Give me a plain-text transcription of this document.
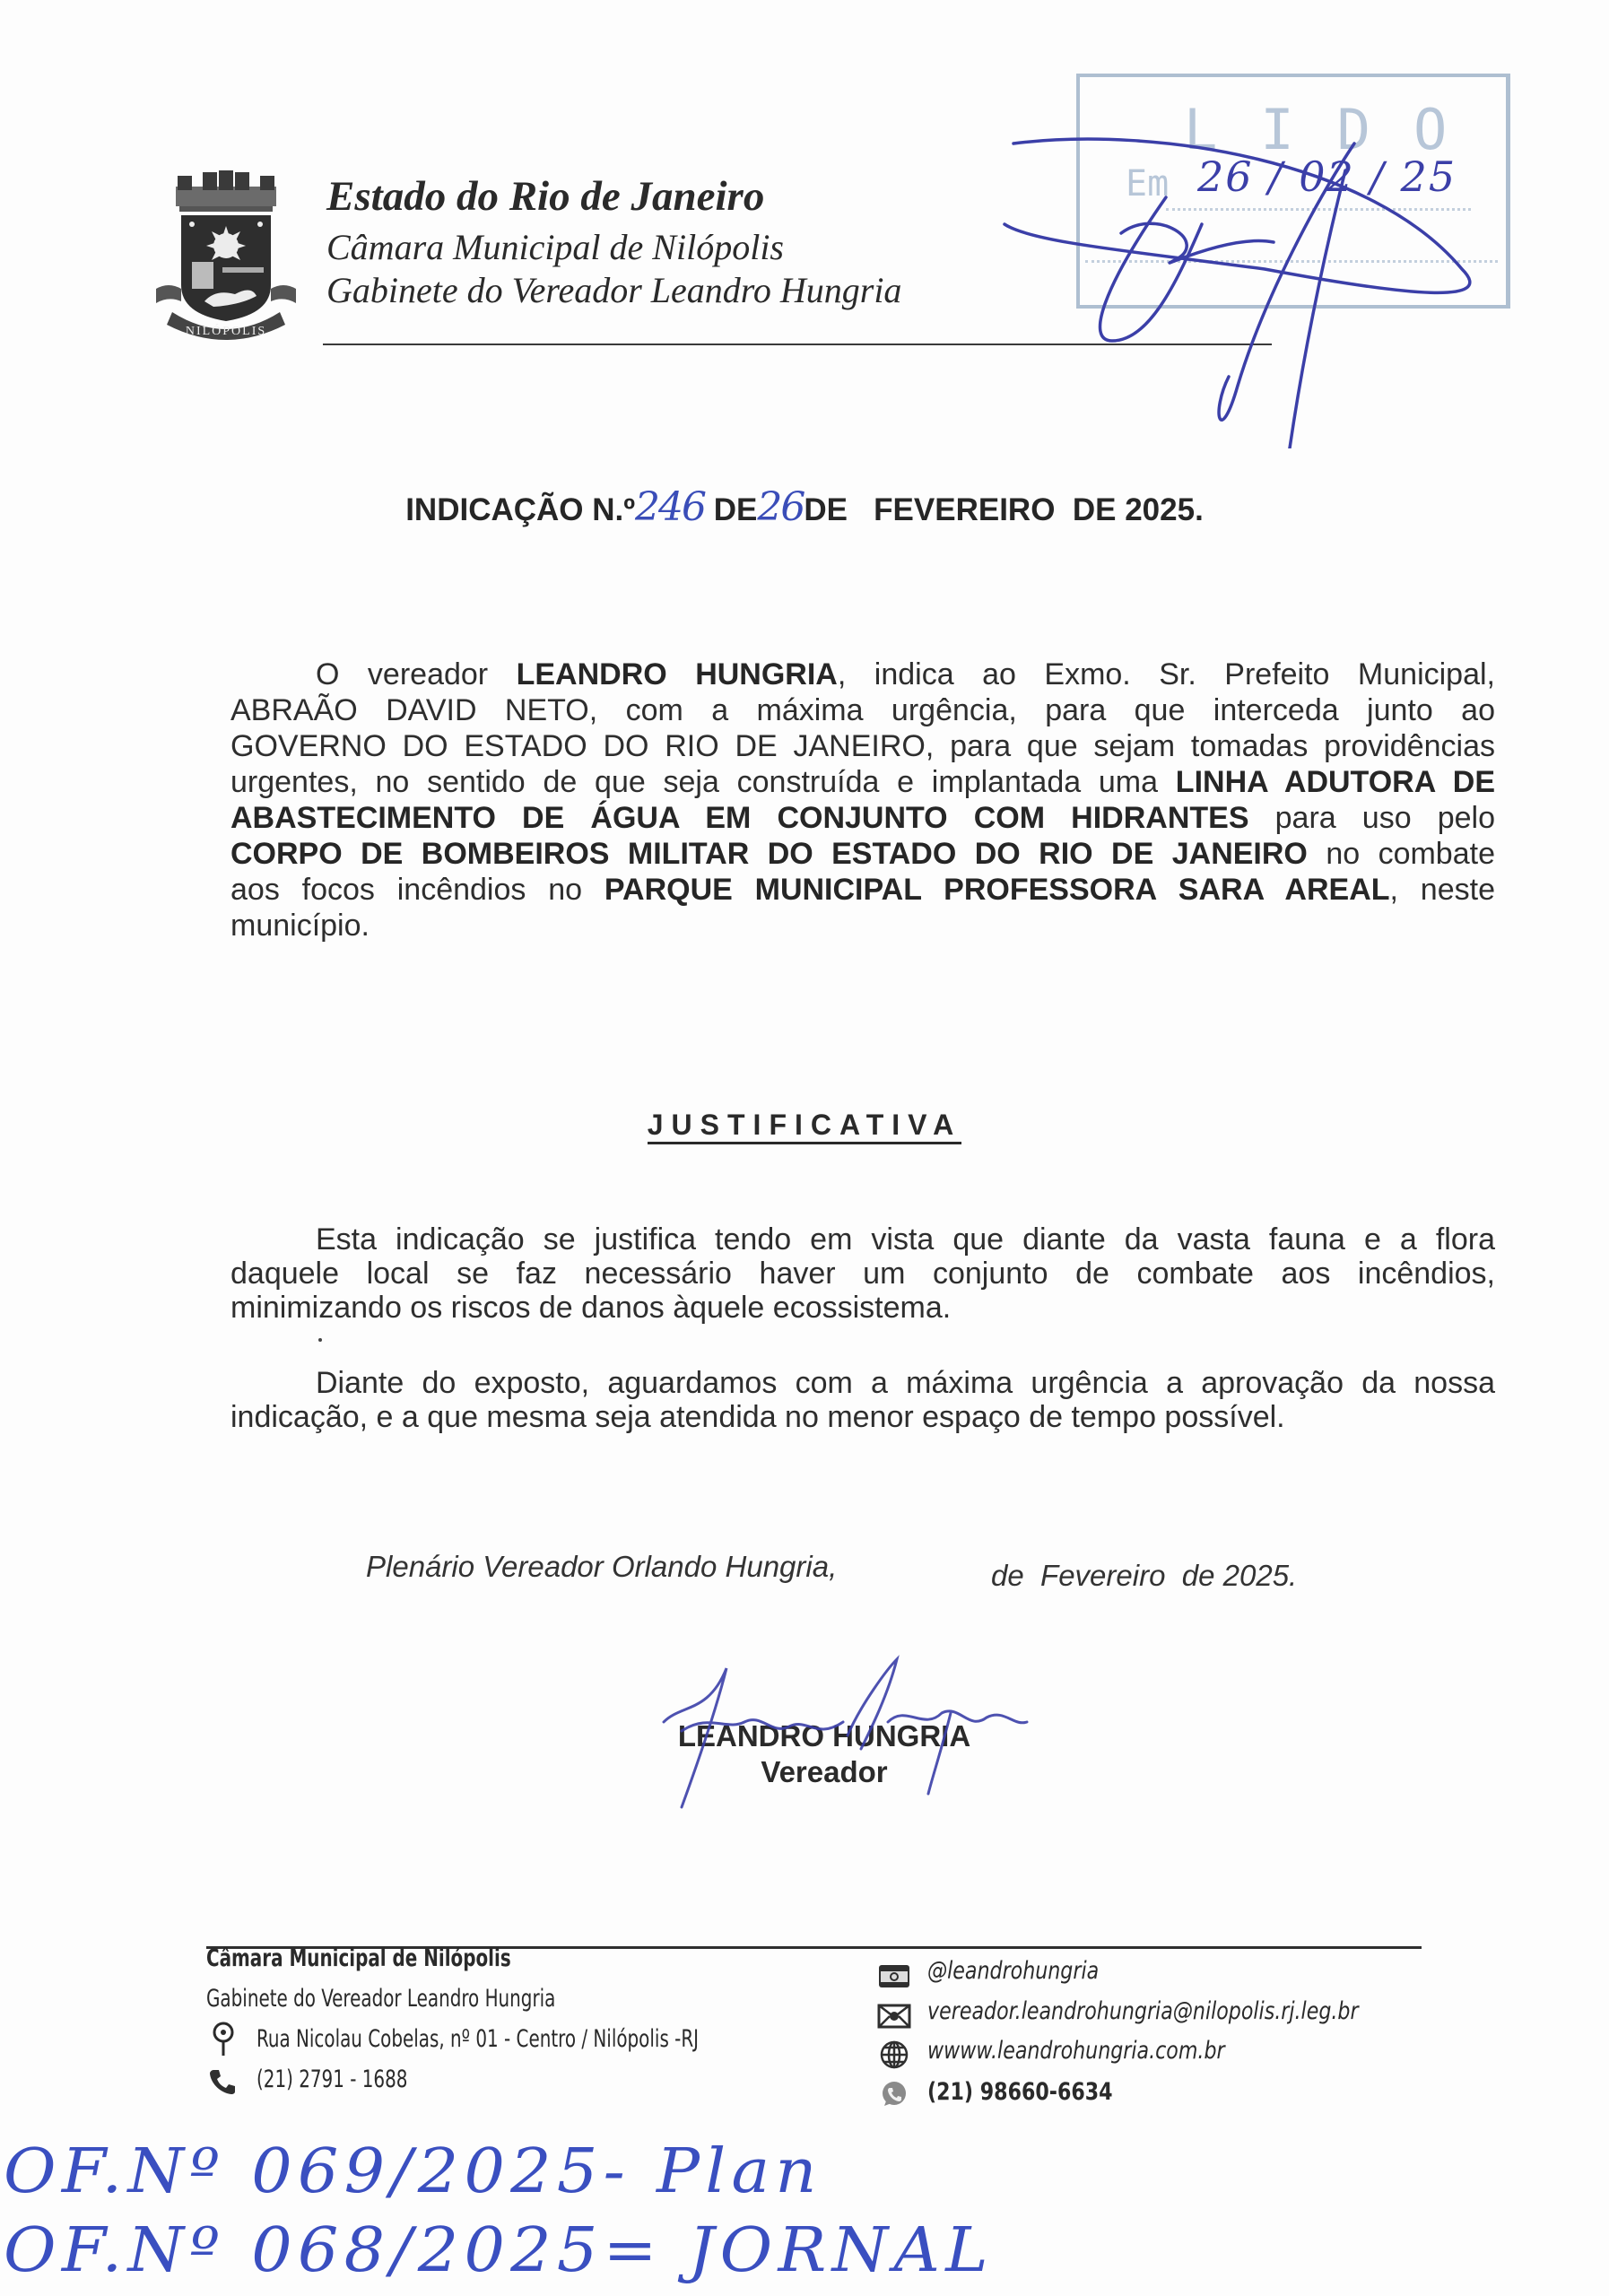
NILÓPOLIS
Estado do Rio de Janeiro
Câmara Municipal de Nilópolis
Gabinete do Vereador Leandro Hungria
LIDO
Em 26 / 02 / 25
INDICAÇÃO N.º246 DE26DE   FEVEREIRO  DE 2025.
O vereador LEANDRO HUNGRIA, indica ao Exmo. Sr. Prefeito Municipal,
ABRAÃO DAVID NETO, com a máxima urgência, para que interceda junto ao
GOVERNO DO ESTADO DO RIO DE JANEIRO, para que sejam tomadas providências
urgentes, no sentido de que seja construída e implantada uma LINHA ADUTORA DE
ABASTECIMENTO DE ÁGUA EM CONJUNTO COM HIDRANTES para uso pelo
CORPO DE BOMBEIROS MILITAR DO ESTADO DO RIO DE JANEIRO no combate
aos focos incêndios no PARQUE MUNICIPAL PROFESSORA SARA AREAL, neste
município.
JUSTIFICATIVA
Esta indicação se justifica tendo em vista que diante da vasta fauna e a flora
daquele local se faz necessário haver um conjunto de combate aos incêndios,
minimizando os riscos de danos àquele ecossistema.
Diante do exposto, aguardamos com a máxima urgência a aprovação da nossa
indicação, e a que mesma seja atendida no menor espaço de tempo possível.
Plenário Vereador Orlando Hungria,	de  Fevereiro  de 2025.
LEANDRO HUNGRIA
Vereador
Câmara Municipal de Nilópolis
Gabinete do Vereador Leandro Hungria
Rua Nicolau Cobelas, nº 01 - Centro / Nilópolis -RJ
(21) 2791 - 1688
@leandrohungria
vereador.leandrohungria@nilopolis.rj.leg.br
wwww.leandrohungria.com.br
(21) 98660-6634
OF.Nº 069/2025- Plan
OF.Nº 068/2025= JORNAL
